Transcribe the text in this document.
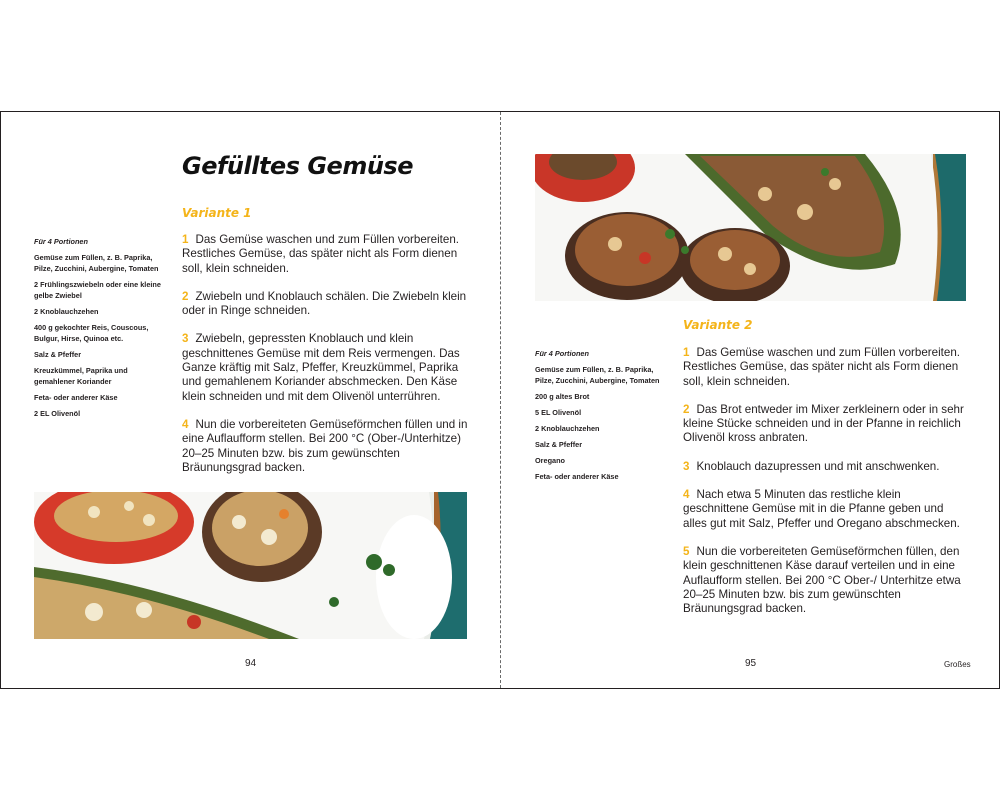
Gefülltes Gemüse
Variante 1
Für 4 Portionen
Gemüse zum Füllen, z. B. Paprika, Pilze, Zucchini, Aubergine, Tomaten
2 Frühlingszwiebeln oder eine kleine gelbe Zwiebel
2 Knoblauchzehen
400 g gekochter Reis, Couscous, Bulgur, Hirse, Quinoa etc.
Salz & Pfeffer
Kreuzkümmel, Paprika und gemahlener Koriander
Feta- oder anderer Käse
2 EL Olivenöl

1 Das Gemüse waschen und zum Füllen vorbereiten. Restliches Gemüse, das später nicht als Form dienen soll, klein schneiden.

2 Zwiebeln und Knoblauch schälen. Die Zwiebeln klein oder in Ringe schneiden.

3 Zwiebeln, gepressten Knoblauch und klein geschnittenes Gemüse mit dem Reis vermengen. Das Ganze kräftig mit Salz, Pfeffer, Kreuzkümmel, Paprika und gemahlenem Koriander abschmecken. Den Käse klein schneiden und mit dem Olivenöl unterrühren.

4 Nun die vorbereiteten Gemüseförmchen füllen und in eine Auflaufform stellen. Bei 200 °C (Ober-/Unterhitze) 20–25 Minuten bzw. bis zum gewünschten Bräunungsgrad backen.

94
Variante 2
Für 4 Portionen
Gemüse zum Füllen, z. B. Paprika, Pilze, Zucchini, Aubergine, Tomaten
200 g altes Brot
5 EL Olivenöl
2 Knoblauchzehen
Salz & Pfeffer
Oregano
Feta- oder anderer Käse

1 Das Gemüse waschen und zum Füllen vorbereiten. Restliches Gemüse, das später nicht als Form dienen soll, klein schneiden.

2 Das Brot entweder im Mixer zerkleinern oder in sehr kleine Stücke schneiden und in der Pfanne in reichlich Olivenöl kross anbraten.

3 Knoblauch dazupressen und mit anschwenken.

4 Nach etwa 5 Minuten das restliche klein geschnittene Gemüse mit in die Pfanne geben und alles gut mit Salz, Pfeffer und Oregano abschmecken.

5 Nun die vorbereiteten Gemüseförmchen füllen, den klein geschnittenen Käse darauf verteilen und in eine Auflaufform stellen. Bei 200 °C Ober-/ Unterhitze etwa 20–25 Minuten bzw. bis zum gewünschten Bräunungsgrad backen.

95	Großes
